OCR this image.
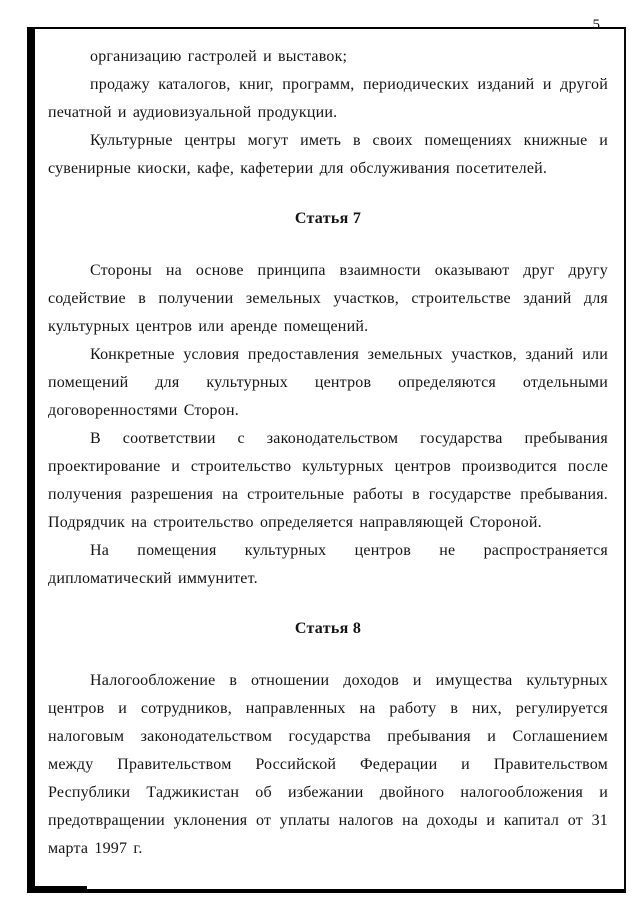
5

организацию гастролей и выставок;

продажу каталогов, книг, программ, периодических изданий и другой печатной и аудиовизуальной продукции.

Культурные центры могут иметь в своих помещениях книжные и сувенирные киоски, кафе, кафетерии для обслуживания посетителей.

Статья 7

Стороны на основе принципа взаимности оказывают друг другу содействие в получении земельных участков, строительстве зданий для культурных центров или аренде помещений.

Конкретные условия предоставления земельных участков, зданий или помещений для культурных центров определяются отдельными договоренностями Сторон.

В соответствии с законодательством государства пребывания проектирование и строительство культурных центров производится после получения разрешения на строительные работы в государстве пребывания. Подрядчик на строительство определяется направляющей Стороной.

На помещения культурных центров не распространяется дипломатический иммунитет.

Статья 8

Налогообложение в отношении доходов и имущества культурных центров и сотрудников, направленных на работу в них, регулируется налоговым законодательством государства пребывания и Соглашением между Правительством Российской Федерации и Правительством Республики Таджикистан об избежании двойного налогообложения и предотвращении уклонения от уплаты налогов на доходы и капитал от 31 марта 1997 г.
